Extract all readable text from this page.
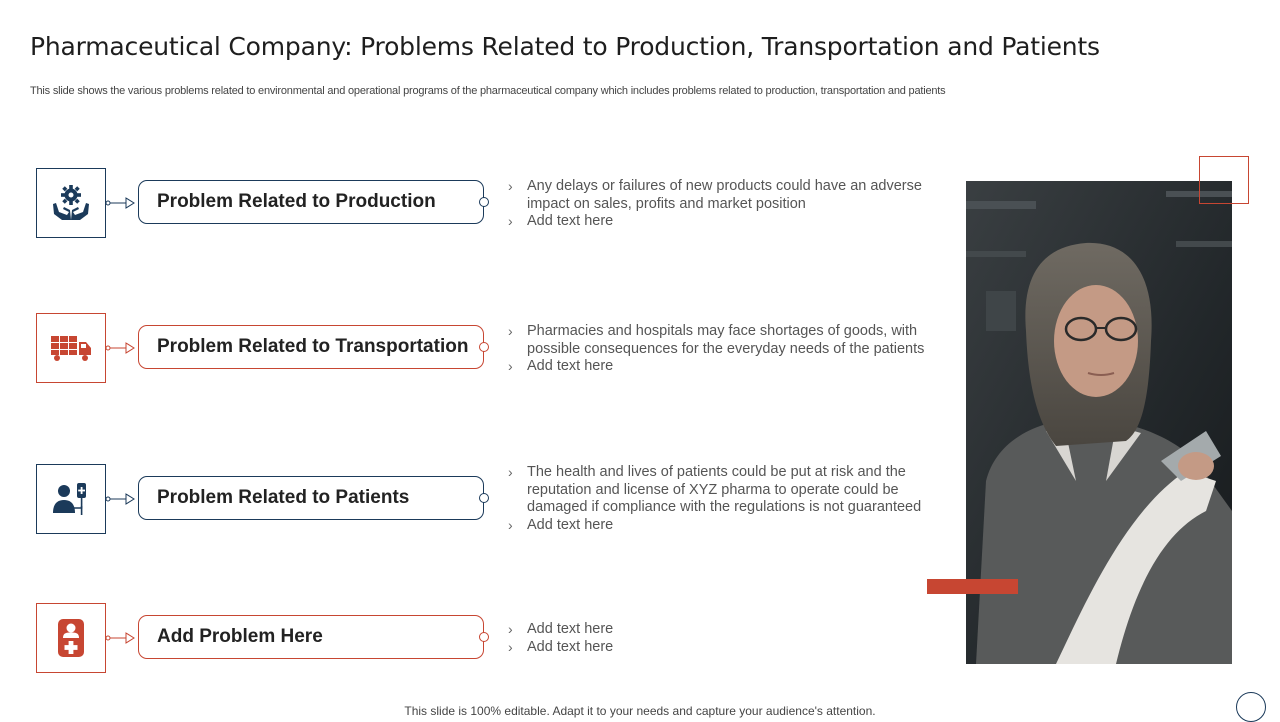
Pharmaceutical Company: Problems Related to Production, Transportation and Patients

This slide shows the various problems related to environmental and operational programs of the pharmaceutical company which includes problems related to production, transportation and patients

Problem Related to Production
› Any delays or failures of new products could have an adverse impact on sales, profits and market position
› Add text here
Problem Related to Transportation
› Pharmacies and hospitals may face shortages of goods, with possible consequences for the everyday needs of the patients
› Add text here
Problem Related to Patients
› The health and lives of patients could be put at risk and the reputation and license of XYZ pharma to operate could be damaged if compliance with the regulations is not guaranteed
› Add text here
Add Problem Here	› Add text here
› Add text here

This slide is 100% editable. Adapt it to your needs and capture your audience's attention.
